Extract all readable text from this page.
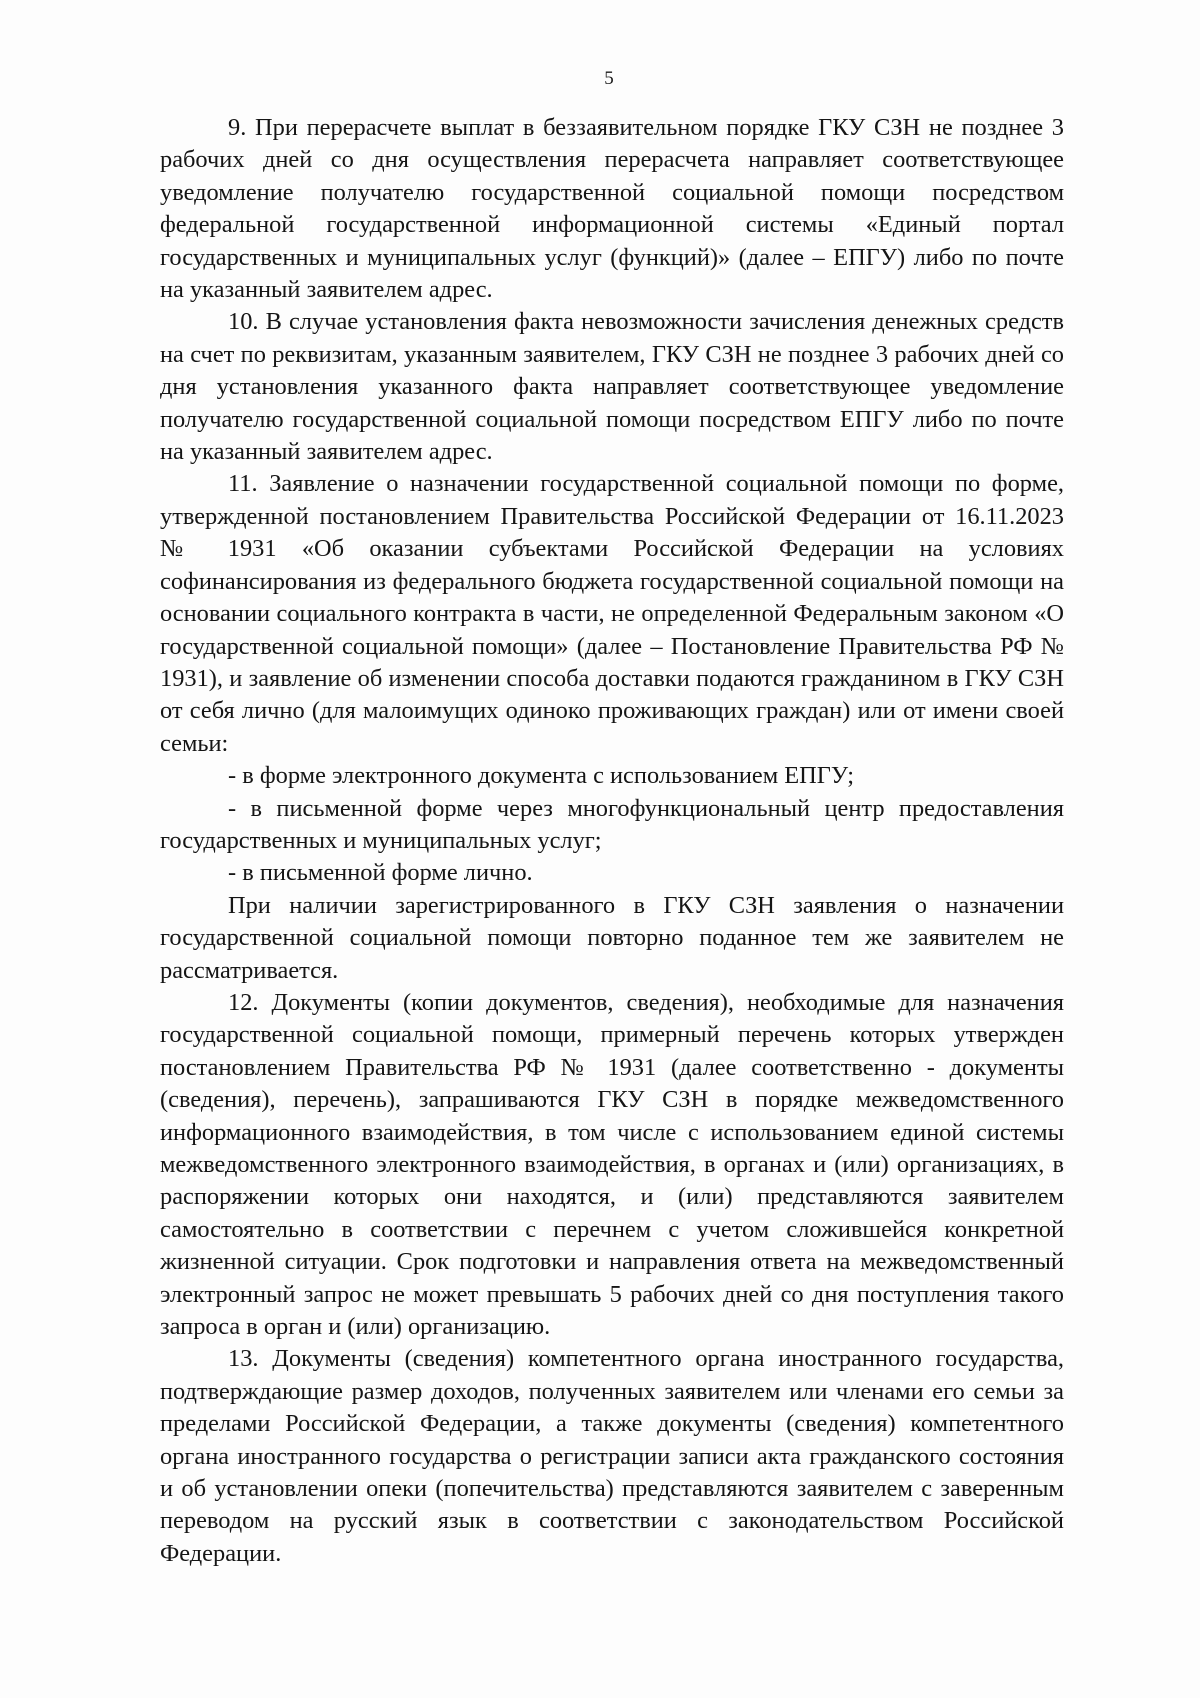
5

9. При перерасчете выплат в беззаявительном порядке ГКУ СЗН не позднее 3 рабочих дней со дня осуществления перерасчета направляет соответствующее уведомление получателю государственной социальной помощи посредством федеральной государственной информационной системы «Единый портал государственных и муниципальных услуг (функций)» (далее – ЕПГУ) либо по почте на указанный заявителем адрес.

10. В случае установления факта невозможности зачисления денежных средств на счет по реквизитам, указанным заявителем, ГКУ СЗН не позднее 3 рабочих дней со дня установления указанного факта направляет соответствующее уведомление получателю государственной социальной помощи посредством ЕПГУ либо по почте на указанный заявителем адрес.

11. Заявление о назначении государственной социальной помощи по форме, утвержденной постановлением Правительства Российской Федерации от 16.11.2023 № 1931 «Об оказании субъектами Российской Федерации на условиях софинансирования из федерального бюджета государственной социальной помощи на основании социального контракта в части, не определенной Федеральным законом «О государственной социальной помощи» (далее – Постановление Правительства РФ № 1931), и заявление об изменении способа доставки подаются гражданином в ГКУ СЗН от себя лично (для малоимущих одиноко проживающих граждан) или от имени своей семьи:

- в форме электронного документа с использованием ЕПГУ;

- в письменной форме через многофункциональный центр предоставления государственных и муниципальных услуг;

- в письменной форме лично.

При наличии зарегистрированного в ГКУ СЗН заявления о назначении государственной социальной помощи повторно поданное тем же заявителем не рассматривается.

12. Документы (копии документов, сведения), необходимые для назначения государственной социальной помощи, примерный перечень которых утвержден постановлением Правительства РФ № 1931 (далее соответственно - документы (сведения), перечень), запрашиваются ГКУ СЗН в порядке межведомственного информационного взаимодействия, в том числе с использованием единой системы межведомственного электронного взаимодействия, в органах и (или) организациях, в распоряжении которых они находятся, и (или) представляются заявителем самостоятельно в соответствии с перечнем с учетом сложившейся конкретной жизненной ситуации. Срок подготовки и направления ответа на межведомственный электронный запрос не может превышать 5 рабочих дней со дня поступления такого запроса в орган и (или) организацию.

13. Документы (сведения) компетентного органа иностранного государства, подтверждающие размер доходов, полученных заявителем или членами его семьи за пределами Российской Федерации, а также документы (сведения) компетентного органа иностранного государства о регистрации записи акта гражданского состояния и об установлении опеки (попечительства) представляются заявителем с заверенным переводом на русский язык в соответствии с законодательством Российской Федерации.
